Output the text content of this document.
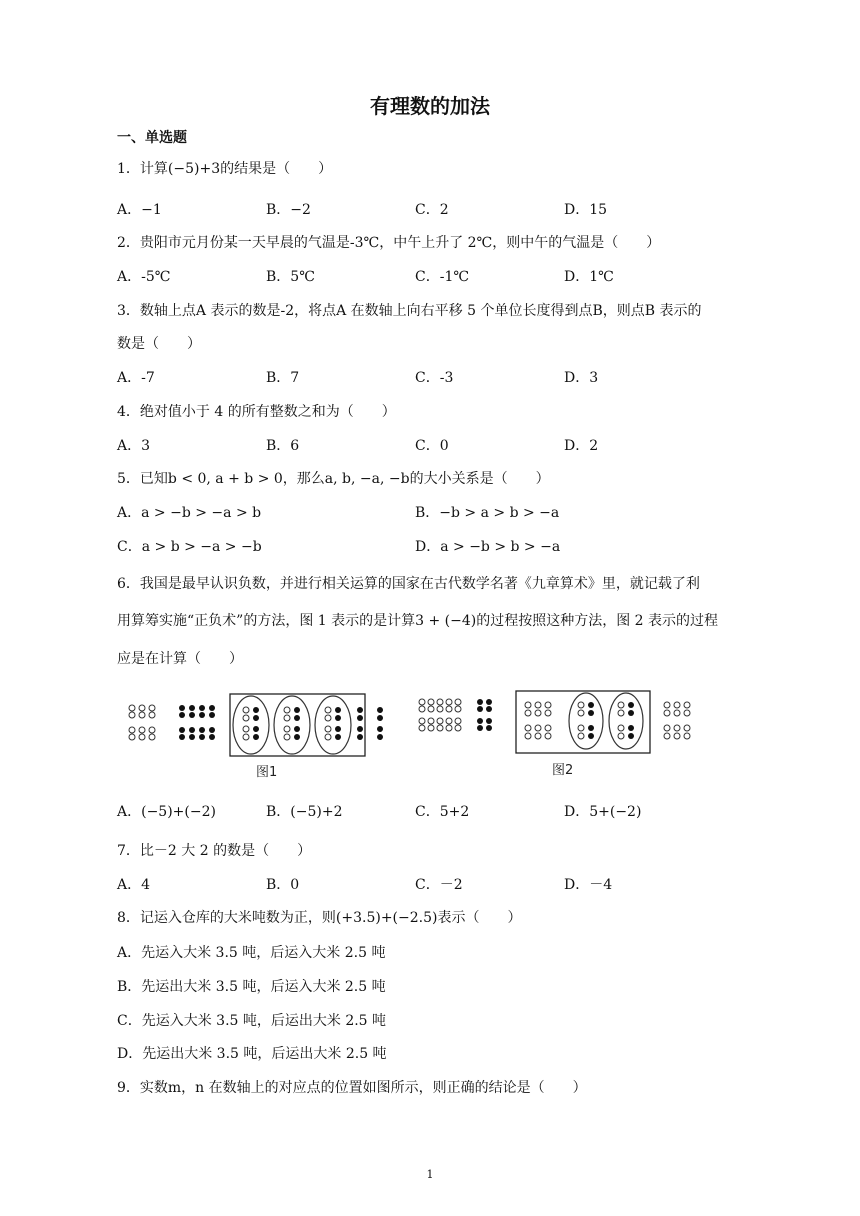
有理数的加法
一、单选题
1．计算(−5)+3的结果是（　　）
A．−1	B．−2	C．2	D．15
2．贵阳市元月份某一天早晨的气温是-3℃，中午上升了 2℃，则中午的气温是（　　）
A．-5℃	B．5℃	C．-1℃	D．1℃
3．数轴上点A 表示的数是-2，将点A 在数轴上向右平移 5 个单位长度得到点B，则点B 表示的
数是（　　）
A．-7	B．7	C．-3	D．3
4．绝对值小于 4 的所有整数之和为（　　）
A．3	B．6	C．0	D．2
5．已知b < 0, a + b > 0，那么a, b, −a, −b的大小关系是（　　）
A．a > −b > −a > b	B．−b > a > b > −a
C．a > b > −a > −b	D．a > −b > b > −a
6．我国是最早认识负数，并进行相关运算的国家在古代数学名著《九章算术》里，就记载了利
用算筹实施“正负术”的方法，图 1 表示的是计算3 + (−4)的过程按照这种方法，图 2 表示的过程
应是在计算（　　）
图1	图2
A．(−5)+(−2)	B．(−5)+2	C．5+2	D．5+(−2)
7．比－2 大 2 的数是（　　）
A．4	B．0	C．－2	D．－4
8．记运入仓库的大米吨数为正，则(+3.5)+(−2.5)表示（　　）
A．先运入大米 3.5 吨，后运入大米 2.5 吨
B．先运出大米 3.5 吨，后运入大米 2.5 吨
C．先运入大米 3.5 吨，后运出大米 2.5 吨
D．先运出大米 3.5 吨，后运出大米 2.5 吨
9．实数m，n 在数轴上的对应点的位置如图所示，则正确的结论是（　　）
1
